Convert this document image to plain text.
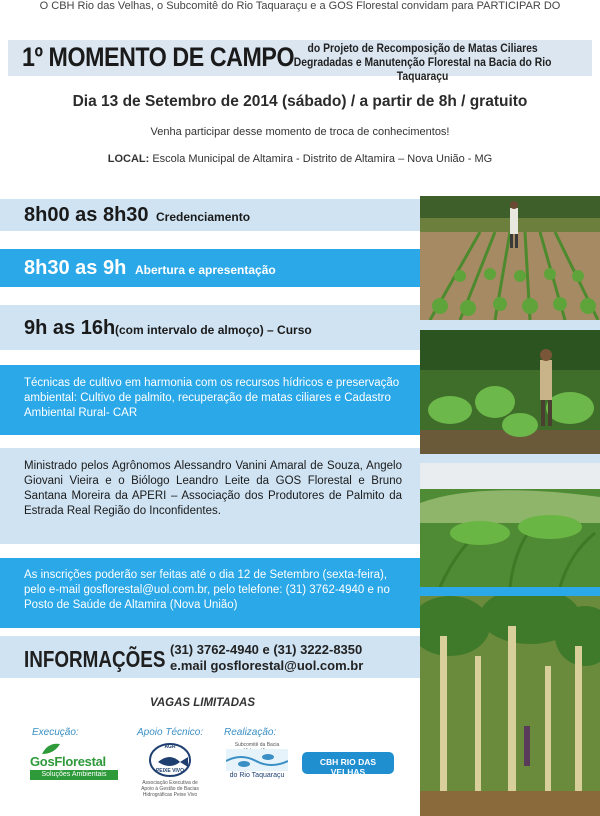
O CBH Rio das Velhas, o Subcomitê do Rio Taquaraçu e a GOS Florestal convidam para PARTICIPAR DO
1º MOMENTO DE CAMPO	do Projeto de Recomposição de Matas Ciliares Degradadas e Manutenção Florestal na Bacia do Rio Taquaraçu
Dia 13 de Setembro de 2014 (sábado) / a partir de 8h / gratuito
Venha participar desse momento de troca de conhecimentos!
LOCAL: Escola Municipal de Altamira - Distrito de Altamira – Nova União - MG
8h00 as 8h30 Credenciamento
8h30 as 9h Abertura e apresentação
9h as 16h (com intervalo de almoço) – Curso

Técnicas de cultivo em harmonia com os recursos hídricos e preservação ambiental: Cultivo de palmito, recuperação de matas ciliares e Cadastro Ambiental Rural- CAR

Ministrado pelos Agrônomos Alessandro Vanini Amaral de Souza, Angelo Giovani Vieira e o Biólogo Leandro Leite da GOS Florestal e Bruno Santana Moreira da APERI – Associação dos Produtores de Palmito da Estrada Real Região do Inconfidentes.

As inscrições poderão ser feitas até o dia 12 de Setembro (sexta-feira), pelo e-mail gosflorestal@uol.com.br, pelo telefone: (31) 3762-4940 e no Posto de Saúde de Altamira (Nova União)

INFORMAÇÕES (31) 3762-4940 e (31) 3222-8350
e.mail gosflorestal@uol.com.br
VAGAS LIMITADAS
Execução:	Apoio Técnico: Realização:
GosFlorestal
Soluções Ambientais
AGR
PEIXE VIVO
Associação Executiva de Apoio à Gestão de Bacias Hidrográficas Peixe Vivo
Subcomitê da Bacia
do Rio Taquaraçu
CBH RIO DAS VELHAS
